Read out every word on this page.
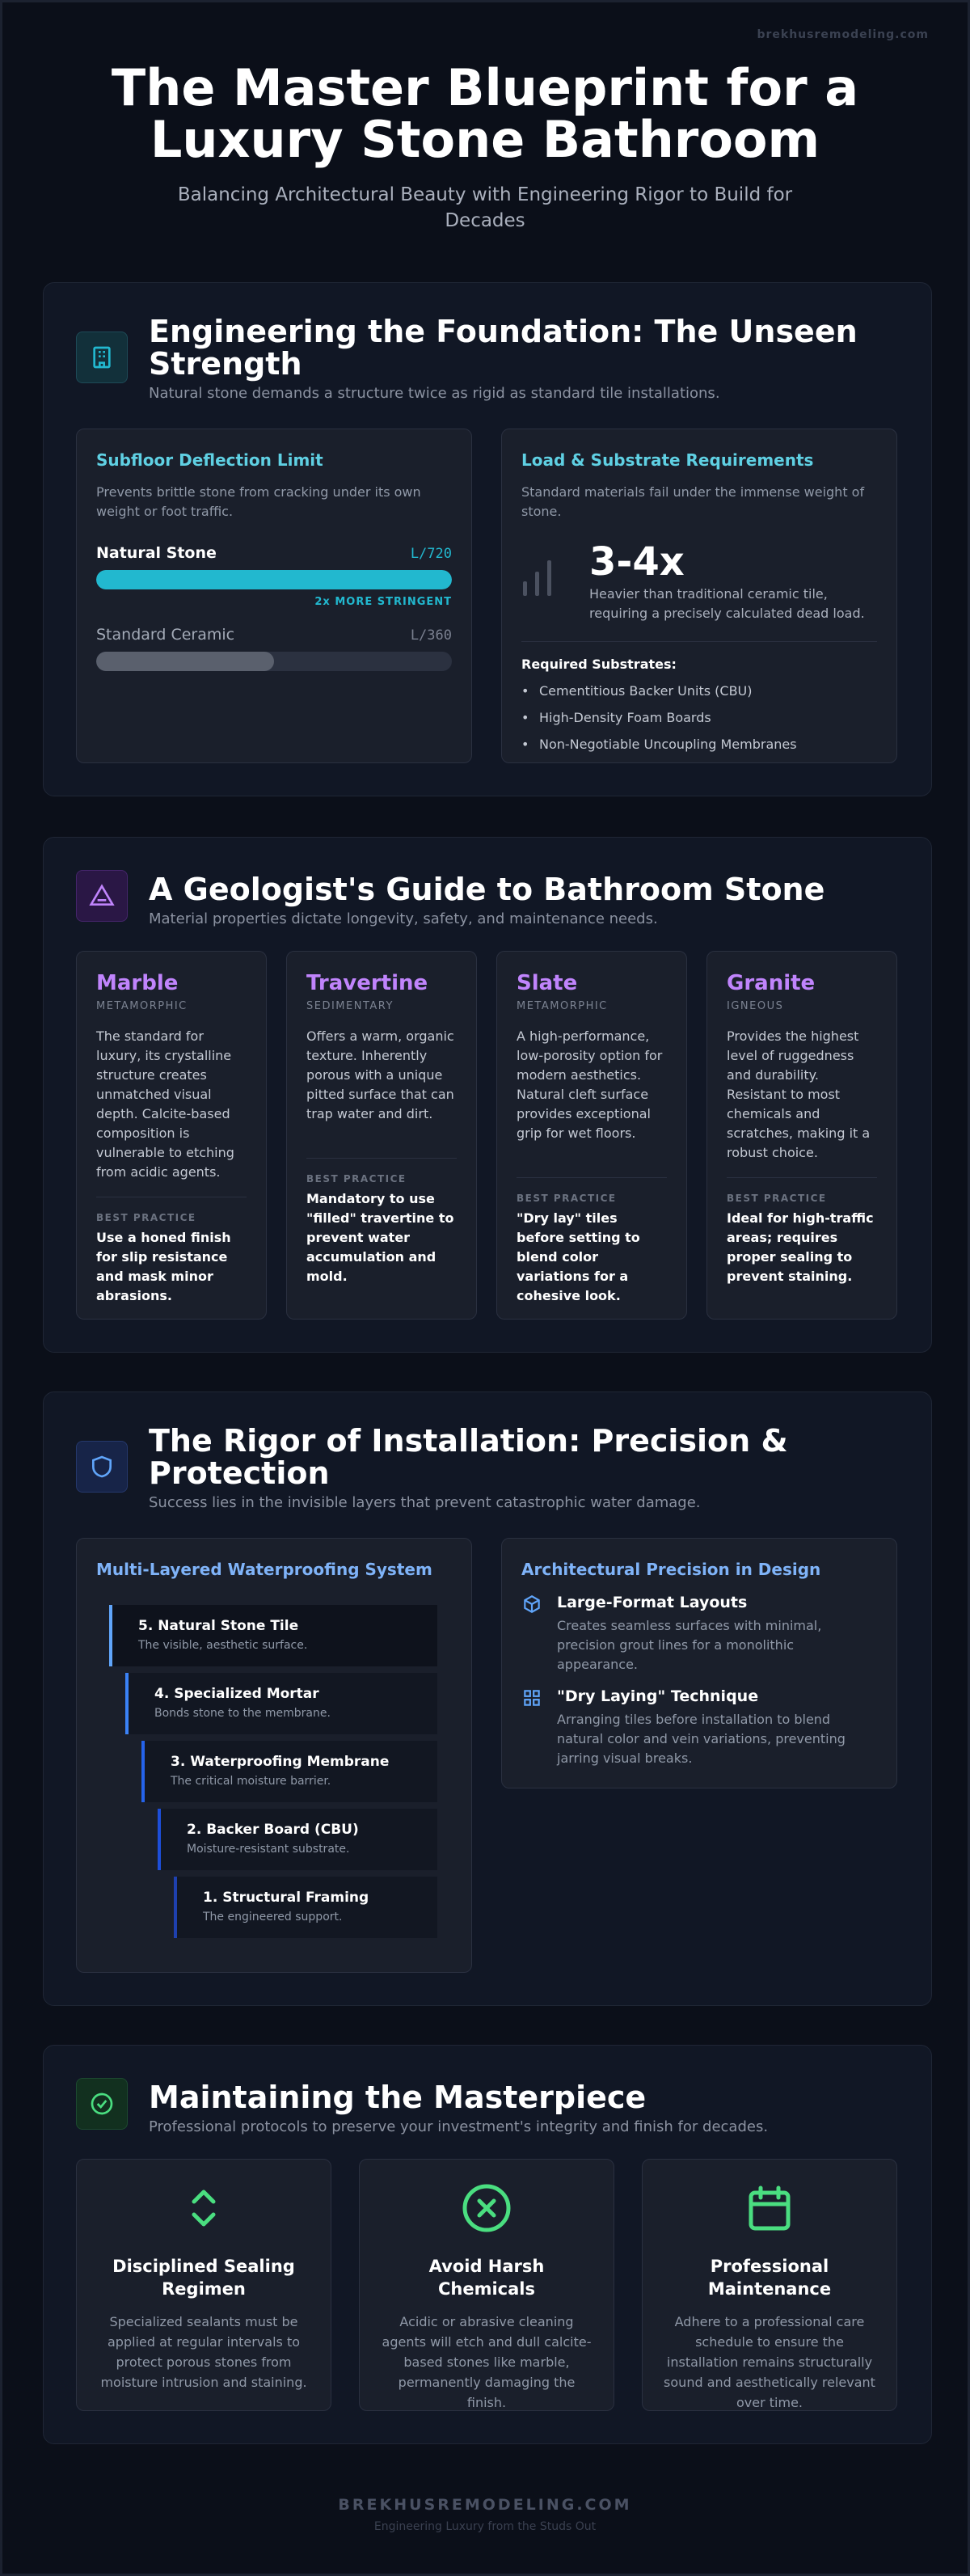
brekhusremodeling.com
The Master Blueprint for a Luxury Stone Bathroom

Balancing Architectural Beauty with Engineering Rigor to Build for Decades

Engineering the Foundation: The Unseen Strength
Natural stone demands a structure twice as rigid as standard tile installations.
Subfloor Deflection Limit
Prevents brittle stone from cracking under its own weight or foot traffic.
Natural Stone	L/720
2x MORE STRINGENT
Standard Ceramic	L/360
Load & Substrate Requirements
Standard materials fail under the immense weight of stone.
3-4x
Heavier than traditional ceramic tile, requiring a precisely calculated dead load.
Required Substrates:
• Cementitious Backer Units (CBU)
• High-Density Foam Boards
• Non-Negotiable Uncoupling Membranes
A Geologist's Guide to Bathroom Stone
Material properties dictate longevity, safety, and maintenance needs.
Marble
METAMORPHIC
The standard for luxury, its crystalline structure creates unmatched visual depth. Calcite-based composition is vulnerable to etching from acidic agents.
BEST PRACTICE
Use a honed finish for slip resistance and mask minor abrasions.
Travertine
SEDIMENTARY
Offers a warm, organic texture. Inherently porous with a unique pitted surface that can trap water and dirt.
BEST PRACTICE
Mandatory to use "filled" travertine to prevent water accumulation and mold.
Slate
METAMORPHIC
A high-performance, low-porosity option for modern aesthetics. Natural cleft surface provides exceptional grip for wet floors.
BEST PRACTICE
"Dry lay" tiles before setting to blend color variations for a cohesive look.
Granite
IGNEOUS
Provides the highest level of ruggedness and durability. Resistant to most chemicals and scratches, making it a robust choice.
BEST PRACTICE
Ideal for high-traffic areas; requires proper sealing to prevent staining.
The Rigor of Installation: Precision & Protection
Success lies in the invisible layers that prevent catastrophic water damage.
Multi-Layered Waterproofing System
5. Natural Stone Tile
The visible, aesthetic surface.
4. Specialized Mortar
Bonds stone to the membrane.
3. Waterproofing Membrane
The critical moisture barrier.
2. Backer Board (CBU)
Moisture-resistant substrate.
1. Structural Framing
The engineered support.
Architectural Precision in Design
Large-Format Layouts
Creates seamless surfaces with minimal, precision grout lines for a monolithic appearance.
"Dry Laying" Technique
Arranging tiles before installation to blend natural color and vein variations, preventing jarring visual breaks.
Maintaining the Masterpiece
Professional protocols to preserve your investment's integrity and finish for decades.
Disciplined Sealing Regimen
Specialized sealants must be applied at regular intervals to protect porous stones from moisture intrusion and staining.
Avoid Harsh Chemicals
Acidic or abrasive cleaning agents will etch and dull calcite-based stones like marble, permanently damaging the finish.
Professional Maintenance
Adhere to a professional care schedule to ensure the installation remains structurally sound and aesthetically relevant over time.
BREKHUSREMODELING.COM
Engineering Luxury from the Studs Out
